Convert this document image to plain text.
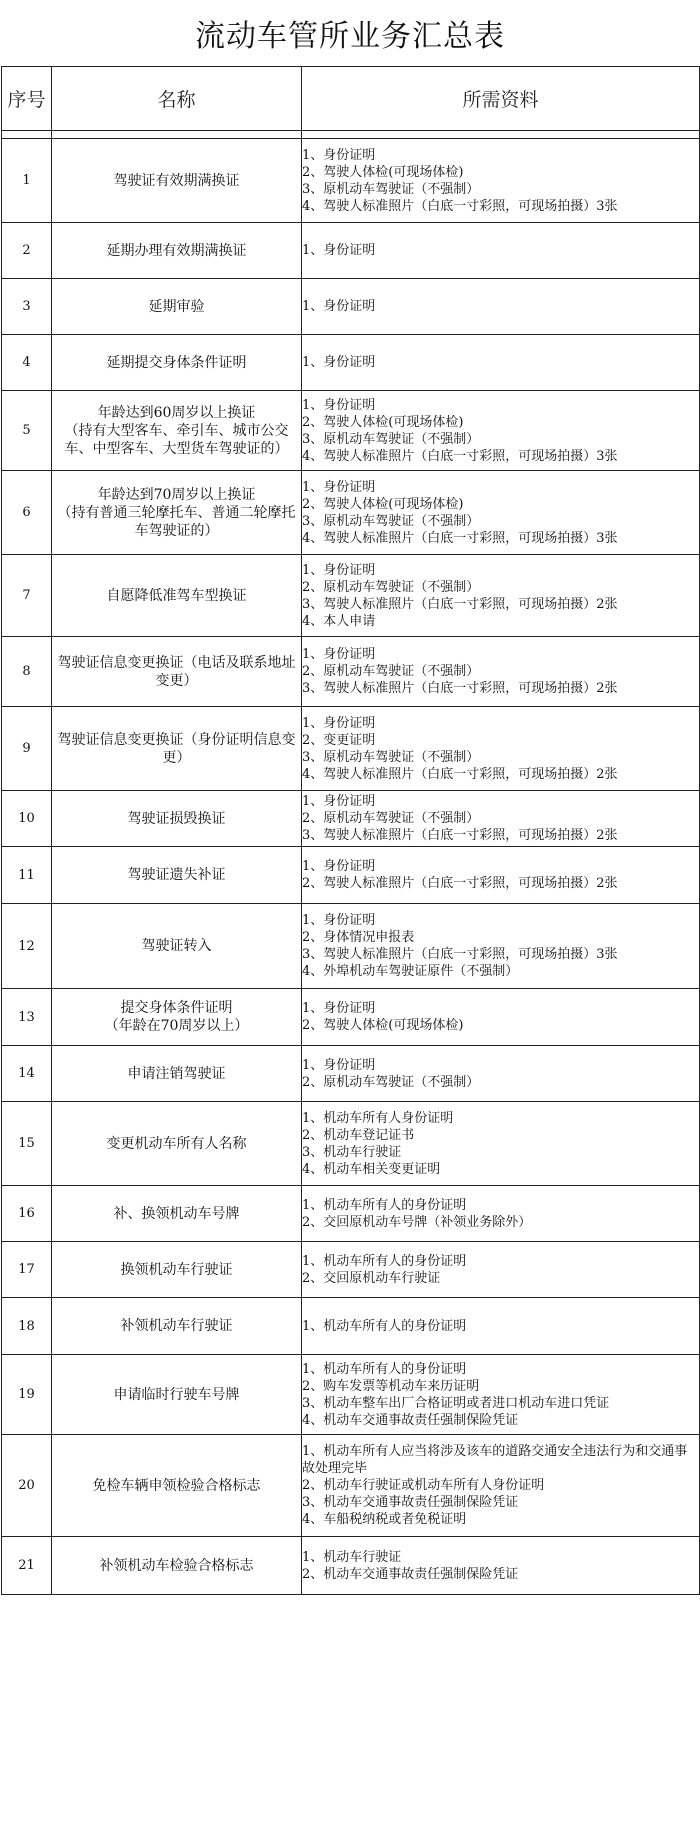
流动车管所业务汇总表
序号	名称	所需资料

1	驾驶证有效期满换证	1、身份证明
2、驾驶人体检(可现场体检)
3、原机动车驾驶证（不强制）
4、驾驶人标准照片（白底一寸彩照，可现场拍摄）3张

2	延期办理有效期满换证	1、身份证明

3	延期审验	1、身份证明

4	延期提交身体条件证明	1、身份证明

5	年龄达到60周岁以上换证
（持有大型客车、牵引车、城市公交车、中型客车、大型货车驾驶证的）	1、身份证明
2、驾驶人体检(可现场体检)
3、原机动车驾驶证（不强制）
4、驾驶人标准照片（白底一寸彩照，可现场拍摄）3张

6	年龄达到70周岁以上换证
（持有普通三轮摩托车、普通二轮摩托车驾驶证的）	1、身份证明
2、驾驶人体检(可现场体检)
3、原机动车驾驶证（不强制）
4、驾驶人标准照片（白底一寸彩照，可现场拍摄）3张

7	自愿降低准驾车型换证	1、身份证明
2、原机动车驾驶证（不强制）
3、驾驶人标准照片（白底一寸彩照，可现场拍摄）2张
4、本人申请

8	驾驶证信息变更换证（电话及联系地址变更）	1、身份证明
2、原机动车驾驶证（不强制）
3、驾驶人标准照片（白底一寸彩照，可现场拍摄）2张

9	驾驶证信息变更换证（身份证明信息变更）	1、身份证明
2、变更证明
3、原机动车驾驶证（不强制）
4、驾驶人标准照片（白底一寸彩照，可现场拍摄）2张

10	驾驶证损毁换证	1、身份证明
2、原机动车驾驶证（不强制）
3、驾驶人标准照片（白底一寸彩照，可现场拍摄）2张

11	驾驶证遗失补证	1、身份证明
2、驾驶人标准照片（白底一寸彩照，可现场拍摄）2张

12	驾驶证转入	1、身份证明
2、身体情况申报表
3、驾驶人标准照片（白底一寸彩照，可现场拍摄）3张
4、外埠机动车驾驶证原件（不强制）

13	提交身体条件证明
（年龄在70周岁以上）	1、身份证明
2、驾驶人体检(可现场体检)

14	申请注销驾驶证	1、身份证明
2、原机动车驾驶证（不强制）

15	变更机动车所有人名称	1、机动车所有人身份证明
2、机动车登记证书
3、机动车行驶证
4、机动车相关变更证明

16	补、换领机动车号牌	1、机动车所有人的身份证明
2、交回原机动车号牌（补领业务除外）

17	换领机动车行驶证	1、机动车所有人的身份证明
2、交回原机动车行驶证

18	补领机动车行驶证	1、机动车所有人的身份证明

19	申请临时行驶车号牌	1、机动车所有人的身份证明
2、购车发票等机动车来历证明
3、机动车整车出厂合格证明或者进口机动车进口凭证
4、机动车交通事故责任强制保险凭证

20	免检车辆申领检验合格标志	1、机动车所有人应当将涉及该车的道路交通安全违法行为和交通事故处理完毕
2、机动车行驶证或机动车所有人身份证明
3、机动车交通事故责任强制保险凭证
4、车船税纳税或者免税证明

21	补领机动车检验合格标志	1、机动车行驶证
2、机动车交通事故责任强制保险凭证
